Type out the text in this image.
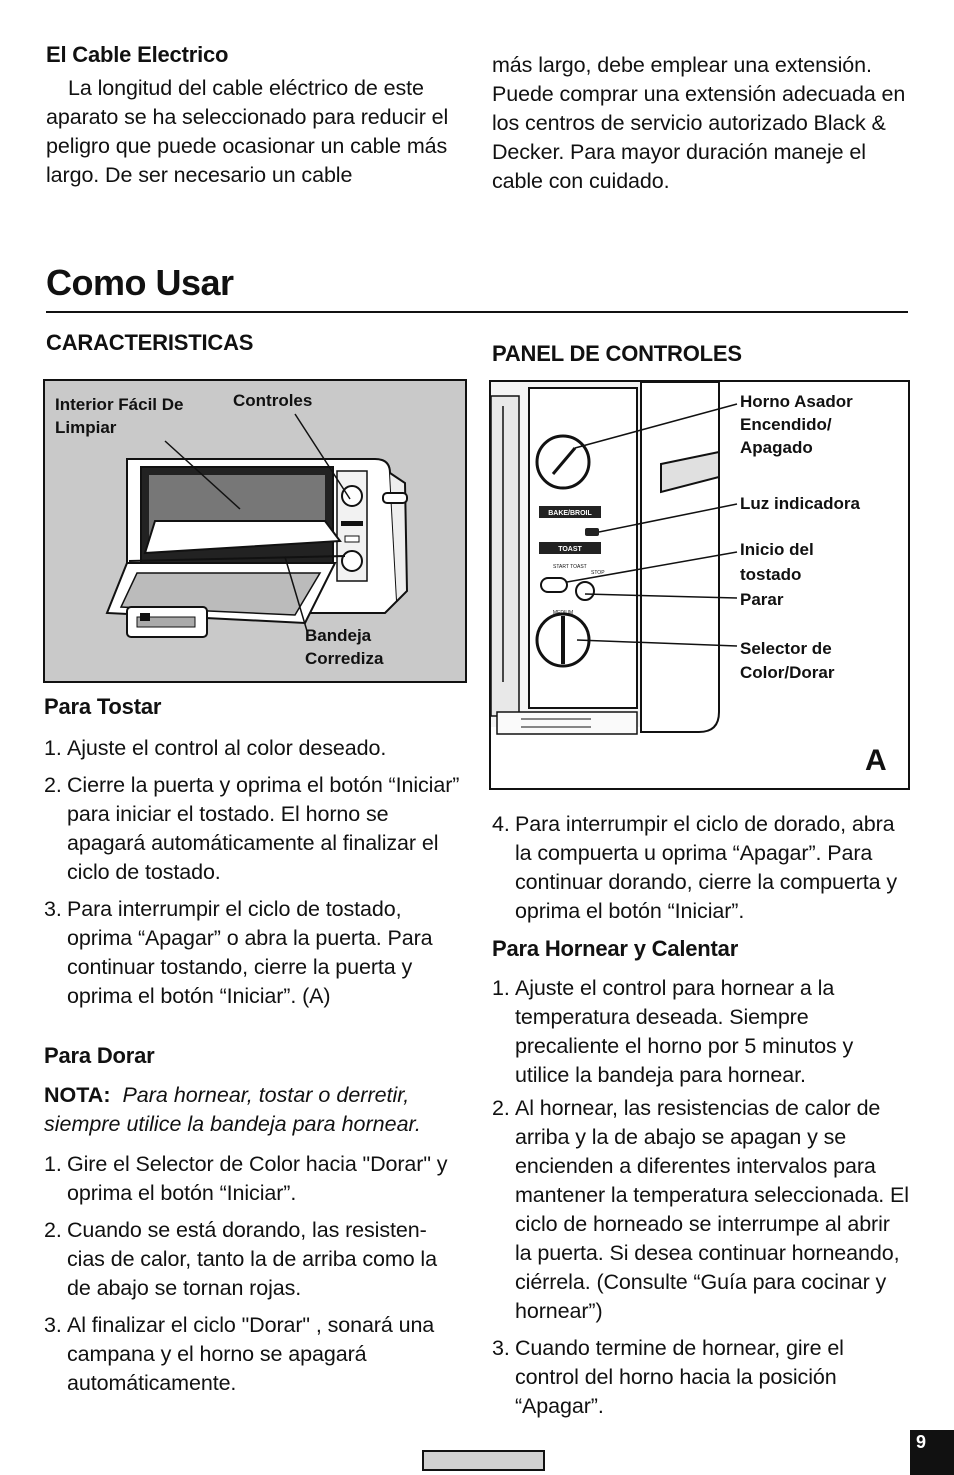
El Cable Electrico
La longitud del cable eléctrico de este aparato se ha seleccionado para reducir el peligro que puede ocasionar un cable más largo. De ser necesario un cable
más largo, debe emplear una extensión. Puede comprar una extensión adecuada en los centros de servicio autorizado Black & Decker. Para mayor duración maneje el cable con cuidado.
Como Usar
CARACTERISTICAS
Interior Fácil De Limpiar
Controles
Bandeja Corrediza
PANEL DE CONTROLES
BAKE/BROIL
TOAST
START TOAST
STOP
MEDIUM
Horno Asador Encendido/ Apagado
Luz indicadora
Inicio del tostado
Parar
Selector de Color/Dorar
A
Para Tostar
1. Ajuste el control al color deseado.
2. Cierre la puerta y oprima el botón “Iniciar” para iniciar el tostado. El horno se apagará automáticamente al finalizar el ciclo de tostado.
3. Para interrumpir el ciclo de tostado, oprima “Apagar” o abra la puerta. Para continuar tostando, cierre la puerta y oprima el botón “Iniciar”. (A)
Para Dorar
NOTA: Para hornear, tostar o derretir, siempre utilice la bandeja para hornear.
1. Gire el Selector de Color hacia "Dorar" y oprima el botón “Iniciar”.
2. Cuando se está dorando, las resisten-cias de calor, tanto la de arriba como la de abajo se tornan rojas.
3. Al finalizar el ciclo "Dorar" , sonará una campana y el horno se apagará automáticamente.
4. Para interrumpir el ciclo de dorado, abra la compuerta u oprima “Apagar”. Para continuar dorando, cierre la compuerta y oprima el botón “Iniciar”.
Para Hornear y Calentar
1. Ajuste el control para hornear a la temperatura deseada. Siempre precaliente el horno por 5 minutos y utilice la bandeja para hornear.
2. Al hornear, las resistencias de calor de arriba y la de abajo se apagan y se encienden a diferentes intervalos para mantener la temperatura seleccionada. El ciclo de horneado se interrumpe al abrir la puerta. Si desea continuar horneando, ciérrela. (Consulte “Guía para cocinar y hornear”)
3. Cuando termine de hornear, gire el control del horno hacia la posición “Apagar”.
9
